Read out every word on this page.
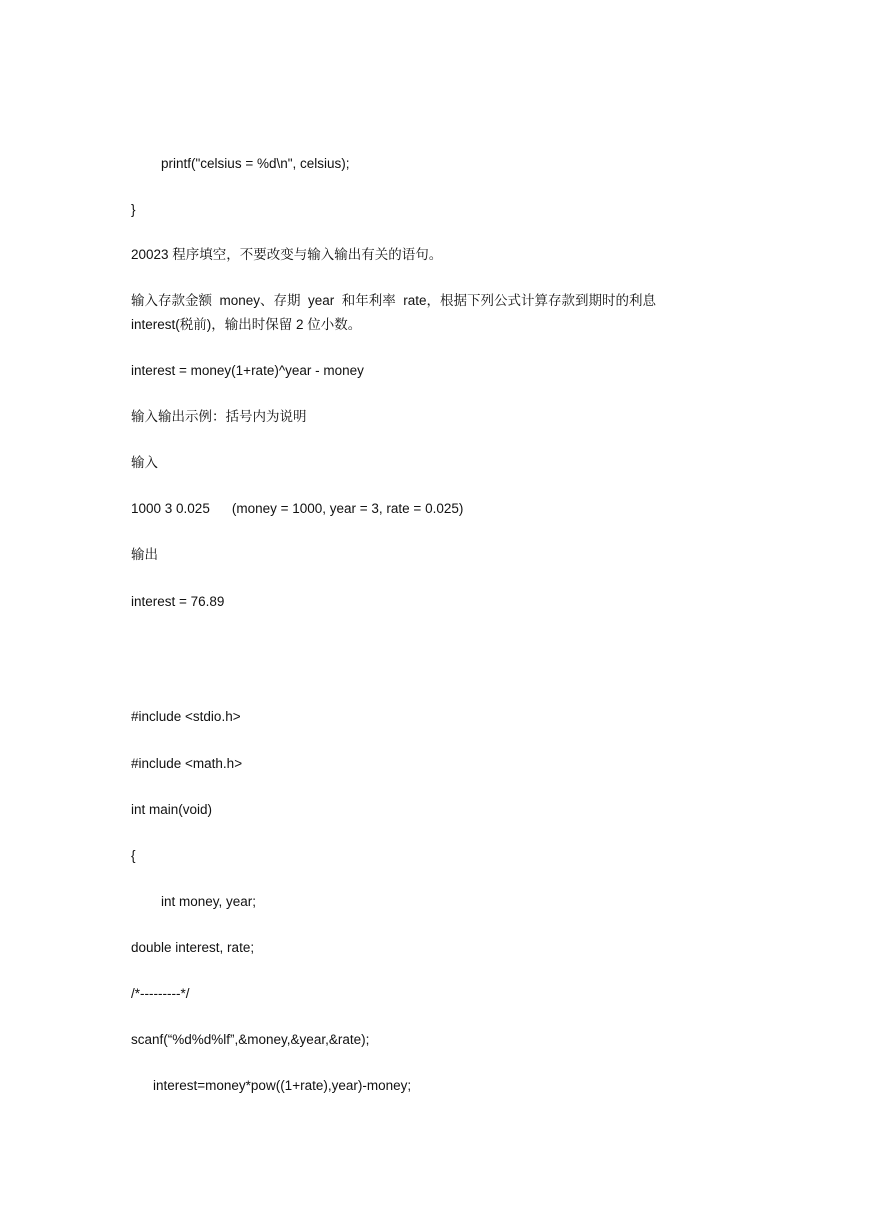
printf("celsius = %d\n", celsius);
}
20023 程序填空，不要改变与输入输出有关的语句。
输入存款金额  money、存期  year  和年利率  rate，根据下列公式计算存款到期时的利息
interest(税前)，输出时保留 2 位小数。
interest = money(1+rate)^year - money
输入输出示例：括号内为说明
输入
1000 3 0.025 (money = 1000, year = 3, rate = 0.025)
输出
interest = 76.89
#include <stdio.h>
#include <math.h>
int main(void)
{
int money, year;
double interest, rate;
/*---------*/
scanf(“%d%d%lf”,&money,&year,&rate);
interest=money*pow((1+rate),year)-money;
